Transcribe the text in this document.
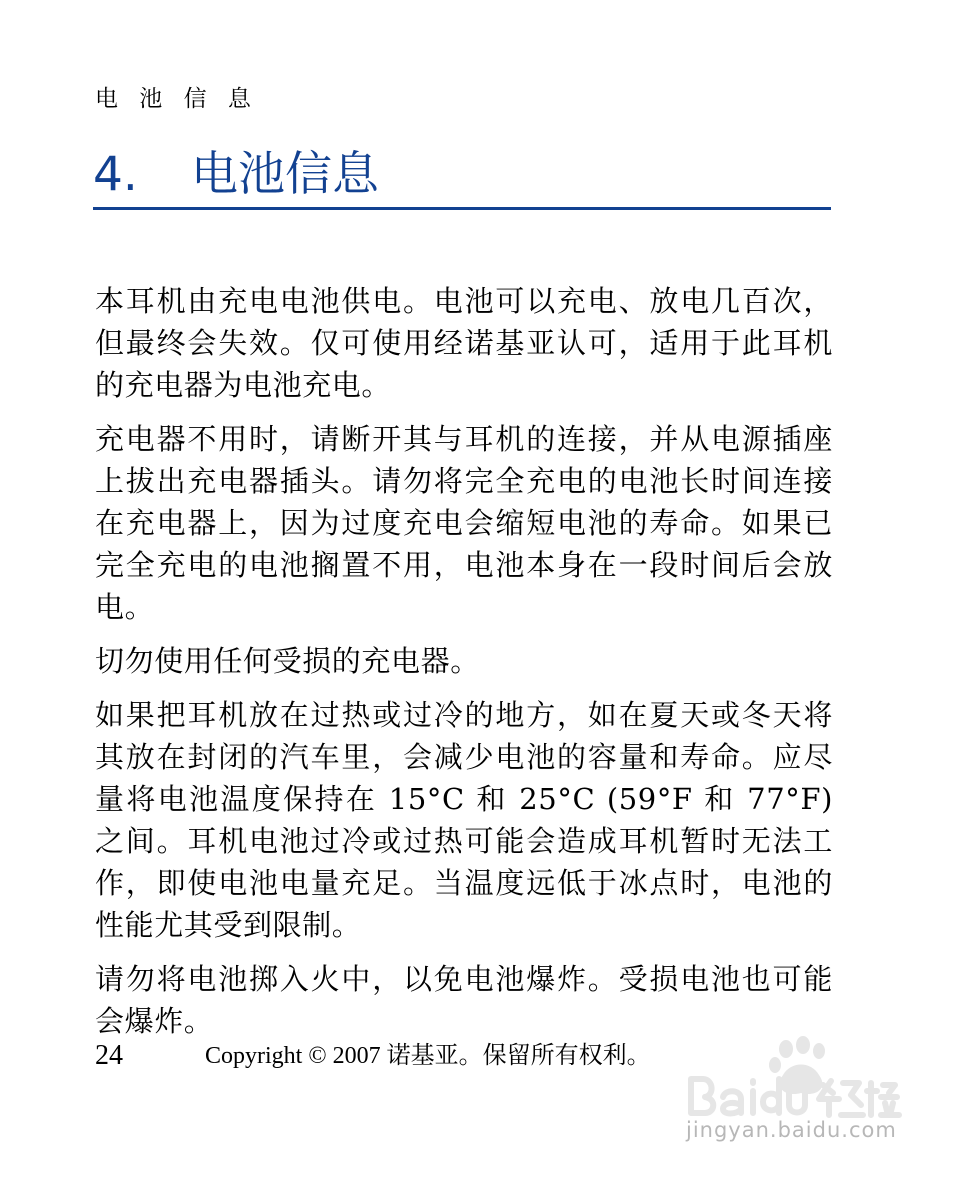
电 池 信 息
4. 电池信息

本耳机由充电电池供电。电池可以充电、放电几百次，但最终会失效。仅可使用经诺基亚认可，适用于此耳机的充电器为电池充电。

充电器不用时，请断开其与耳机的连接，并从电源插座上拔出充电器插头。请勿将完全充电的电池长时间连接在充电器上，因为过度充电会缩短电池的寿命。如果已完全充电的电池搁置不用，电池本身在一段时间后会放电。

切勿使用任何受损的充电器。

如果把耳机放在过热或过冷的地方，如在夏天或冬天将其放在封闭的汽车里，会减少电池的容量和寿命。应尽量将电池温度保持在 15°C 和 25°C (59°F 和 77°F) 之间。耳机电池过冷或过热可能会造成耳机暂时无法工作，即使电池电量充足。当温度远低于冰点时，电池的性能尤其受到限制。

请勿将电池掷入火中，以免电池爆炸。受损电池也可能会爆炸。

24	Copyright © 2007 诺基亚。保留所有权利。
jingyan.baidu.com
